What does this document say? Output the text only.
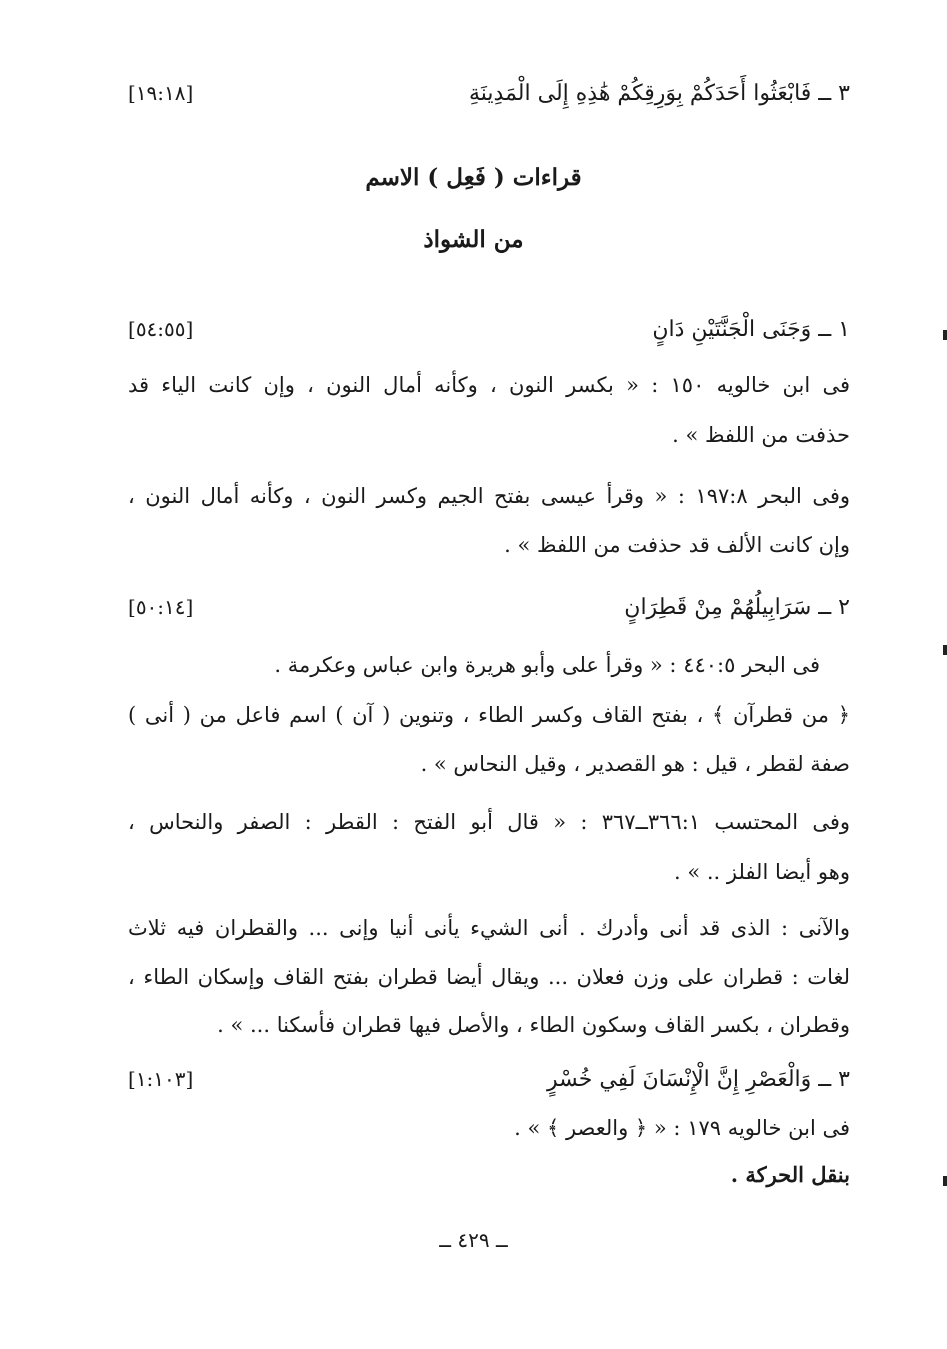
٣ ــ فَابْعَثُوا أَحَدَكُمْ بِوَرِقِكُمْ هَٰذِهِ إِلَى الْمَدِينَةِ
[١٩:١٨]
قراءات ( فَعِل ) الاسم
من الشواذ
١ ــ وَجَنَى الْجَنَّتَيْنِ دَانٍ
[٥٤:٥٥]
فى ابن خالويه ١٥٠ : « بكسر النون ، وكأنه أمال النون ، وإن كانت الياء قد
حذفت من اللفظ » .
وفى البحر ١٩٧:٨ : « وقرأ عيسى بفتح الجيم وكسر النون ، وكأنه أمال النون ،
وإن كانت الألف قد حذفت من اللفظ » .
٢ ــ سَرَابِيلُهُمْ مِنْ قَطِرَانٍ
[٥٠:١٤]
فى البحر ٤٤٠:٥ : « وقرأ على وأبو هريرة وابن عباس وعكرمة .
﴿ من قطرآن ﴾ ، بفتح القاف وكسر الطاء ، وتنوين ( آن ) اسم فاعل من ( أنى )
صفة لقطر ، قيل : هو القصدير ، وقيل النحاس » .
وفى المحتسب ٣٦٦:١ــ٣٦٧ : « قال أبو الفتح : القطر : الصفر والنحاس ،
وهو أيضا الفلز .. » .
والآنى : الذى قد أنى وأدرك . أنى الشيء يأنى أنيا وإنى ... والقطران فيه ثلاث
لغات : قطران على وزن فعلان ... ويقال أيضا قطران بفتح القاف وإسكان الطاء ،
وقطران ، بكسر القاف وسكون الطاء ، والأصل فيها قطران فأسكنا ... » .
٣ ــ وَالْعَصْرِ إِنَّ الْإِنْسَانَ لَفِي خُسْرٍ
[١:١٠٣]
فى ابن خالويه ١٧٩ : « ﴿ والعصر ﴾ » .
بنقل الحركة .
ــ ٤٢٩ ــ
